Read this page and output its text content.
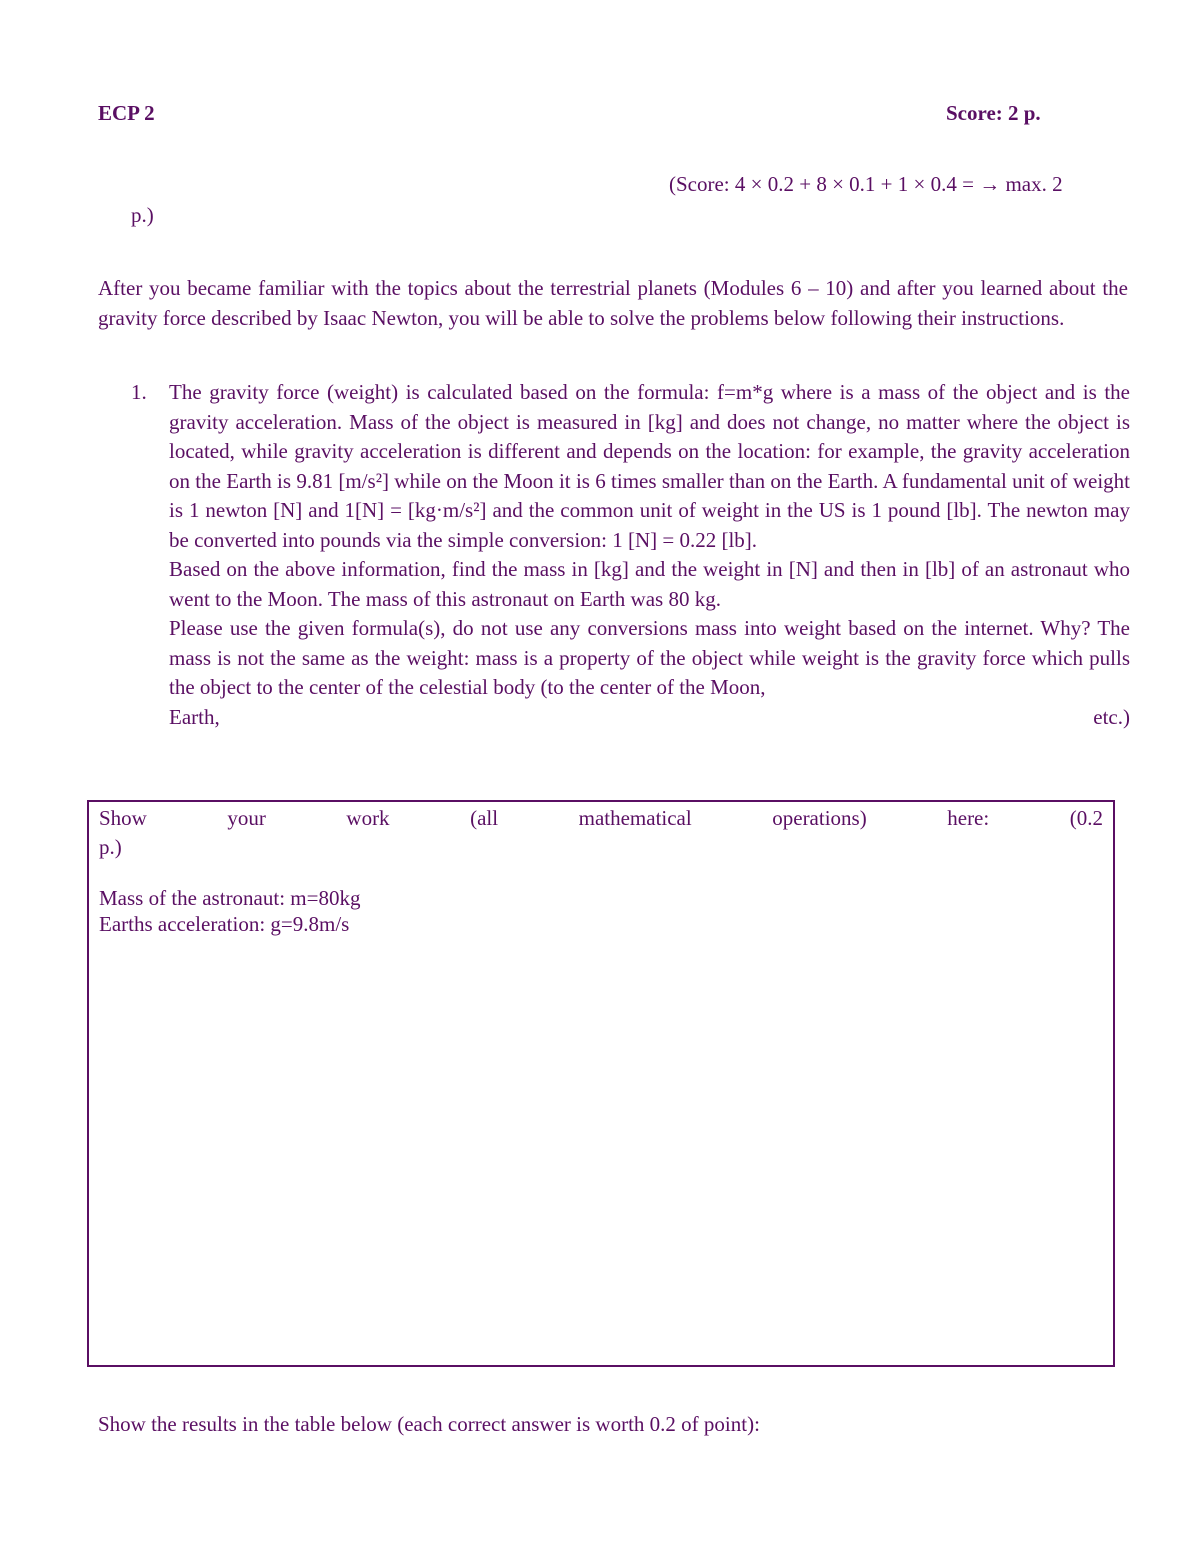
ECP 2	Score: 2 p.
(Score: 4 × 0.2 + 8 × 0.1 + 1 × 0.4 = → max. 2
p.)
After you became familiar with the topics about the terrestrial planets (Modules 6 – 10) and after you learned about the gravity force described by Isaac Newton, you will be able to solve the problems below following their instructions.
1. The gravity force (weight) is calculated based on the formula: f=m*g where is a mass of the object and is the gravity acceleration. Mass of the object is measured in [kg] and does not change, no matter where the object is located, while gravity acceleration is different and depends on the location: for example, the gravity acceleration on the Earth is 9.81 [m/s²] while on the Moon it is 6 times smaller than on the Earth. A fundamental unit of weight is 1 newton [N] and 1[N] = [kg·m/s²] and the common unit of weight in the US is 1 pound [lb]. The newton may be converted into pounds via the simple conversion: 1 [N] = 0.22 [lb].
Based on the above information, find the mass in [kg] and the weight in [N] and then in [lb] of an astronaut who went to the Moon. The mass of this astronaut on Earth was 80 kg.
Please use the given formula(s), do not use any conversions mass into weight based on the internet. Why? The mass is not the same as the weight: mass is a property of the object while weight is the gravity force which pulls the object to the center of the celestial body (to the center of the Moon,
Earth, etc.)
Show your work (all mathematical operations) here: (0.2
p.)
Mass of the astronaut: m=80kg
Earths acceleration: g=9.8m/s
Show the results in the table below (each correct answer is worth 0.2 of point):
